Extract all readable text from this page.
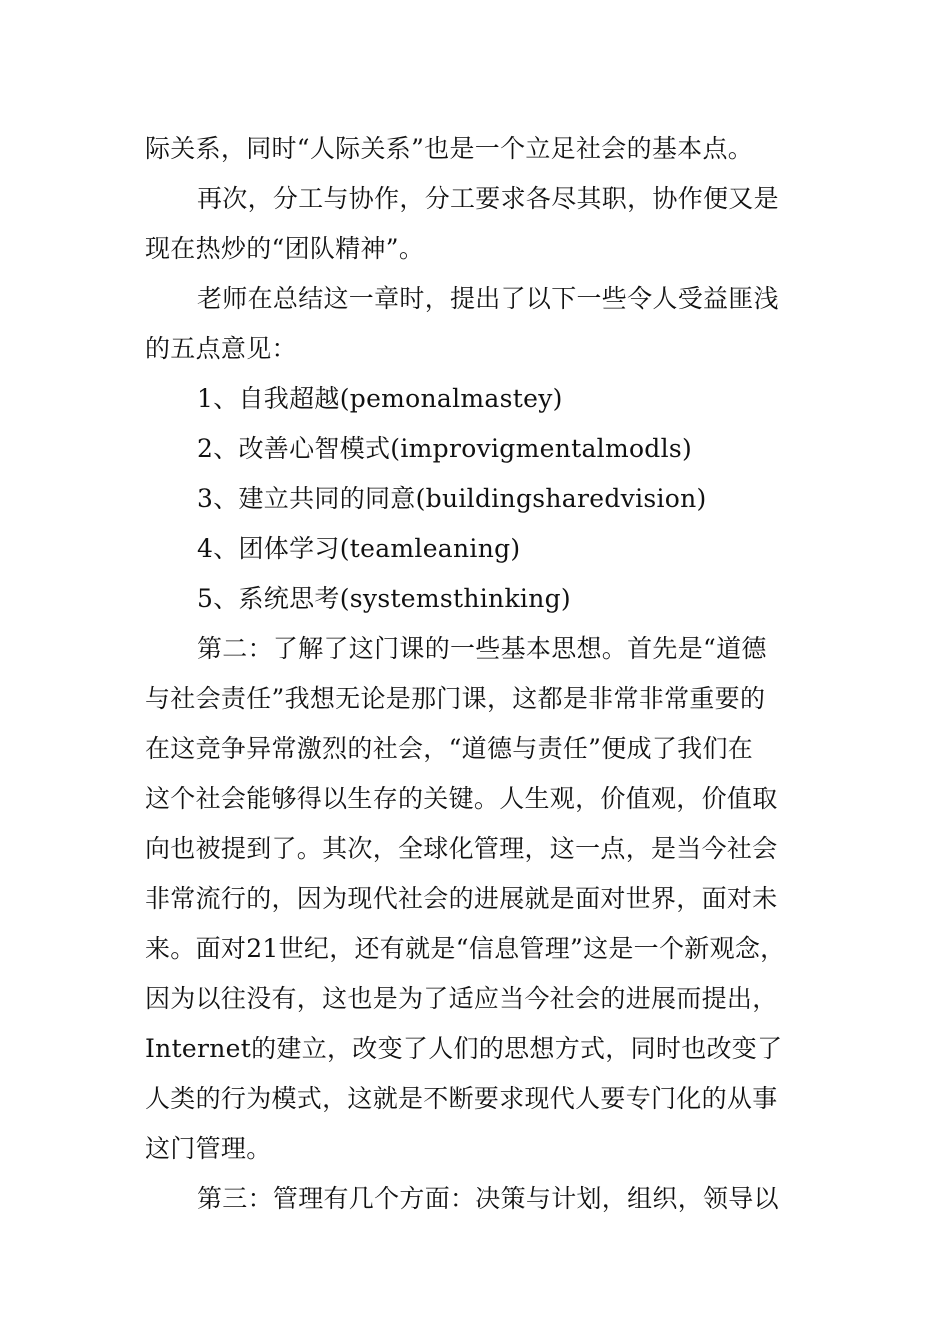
际关系，同时“人际关系”也是一个立足社会的基本点。
再次，分工与协作，分工要求各尽其职，协作便又是
现在热炒的“团队精神”。
老师在总结这一章时，提出了以下一些令人受益匪浅
的五点意见：
1、自我超越(pemonalmastey)
2、改善心智模式(improvigmentalmodls)
3、建立共同的同意(buildingsharedvision)
4、团体学习(teamleaning)
5、系统思考(systemsthinking)
第二：了解了这门课的一些基本思想。首先是“道德
与社会责任”我想无论是那门课，这都是非常非常重要的
在这竞争异常激烈的社会，“道德与责任”便成了我们在
这个社会能够得以生存的关键。人生观，价值观，价值取
向也被提到了。其次，全球化管理，这一点，是当今社会
非常流行的，因为现代社会的进展就是面对世界，面对未
来。面对21世纪，还有就是“信息管理”这是一个新观念，
因为以往没有，这也是为了适应当今社会的进展而提出，
Internet的建立，改变了人们的思想方式，同时也改变了
人类的行为模式，这就是不断要求现代人要专门化的从事
这门管理。
第三：管理有几个方面：决策与计划，组织，领导以
